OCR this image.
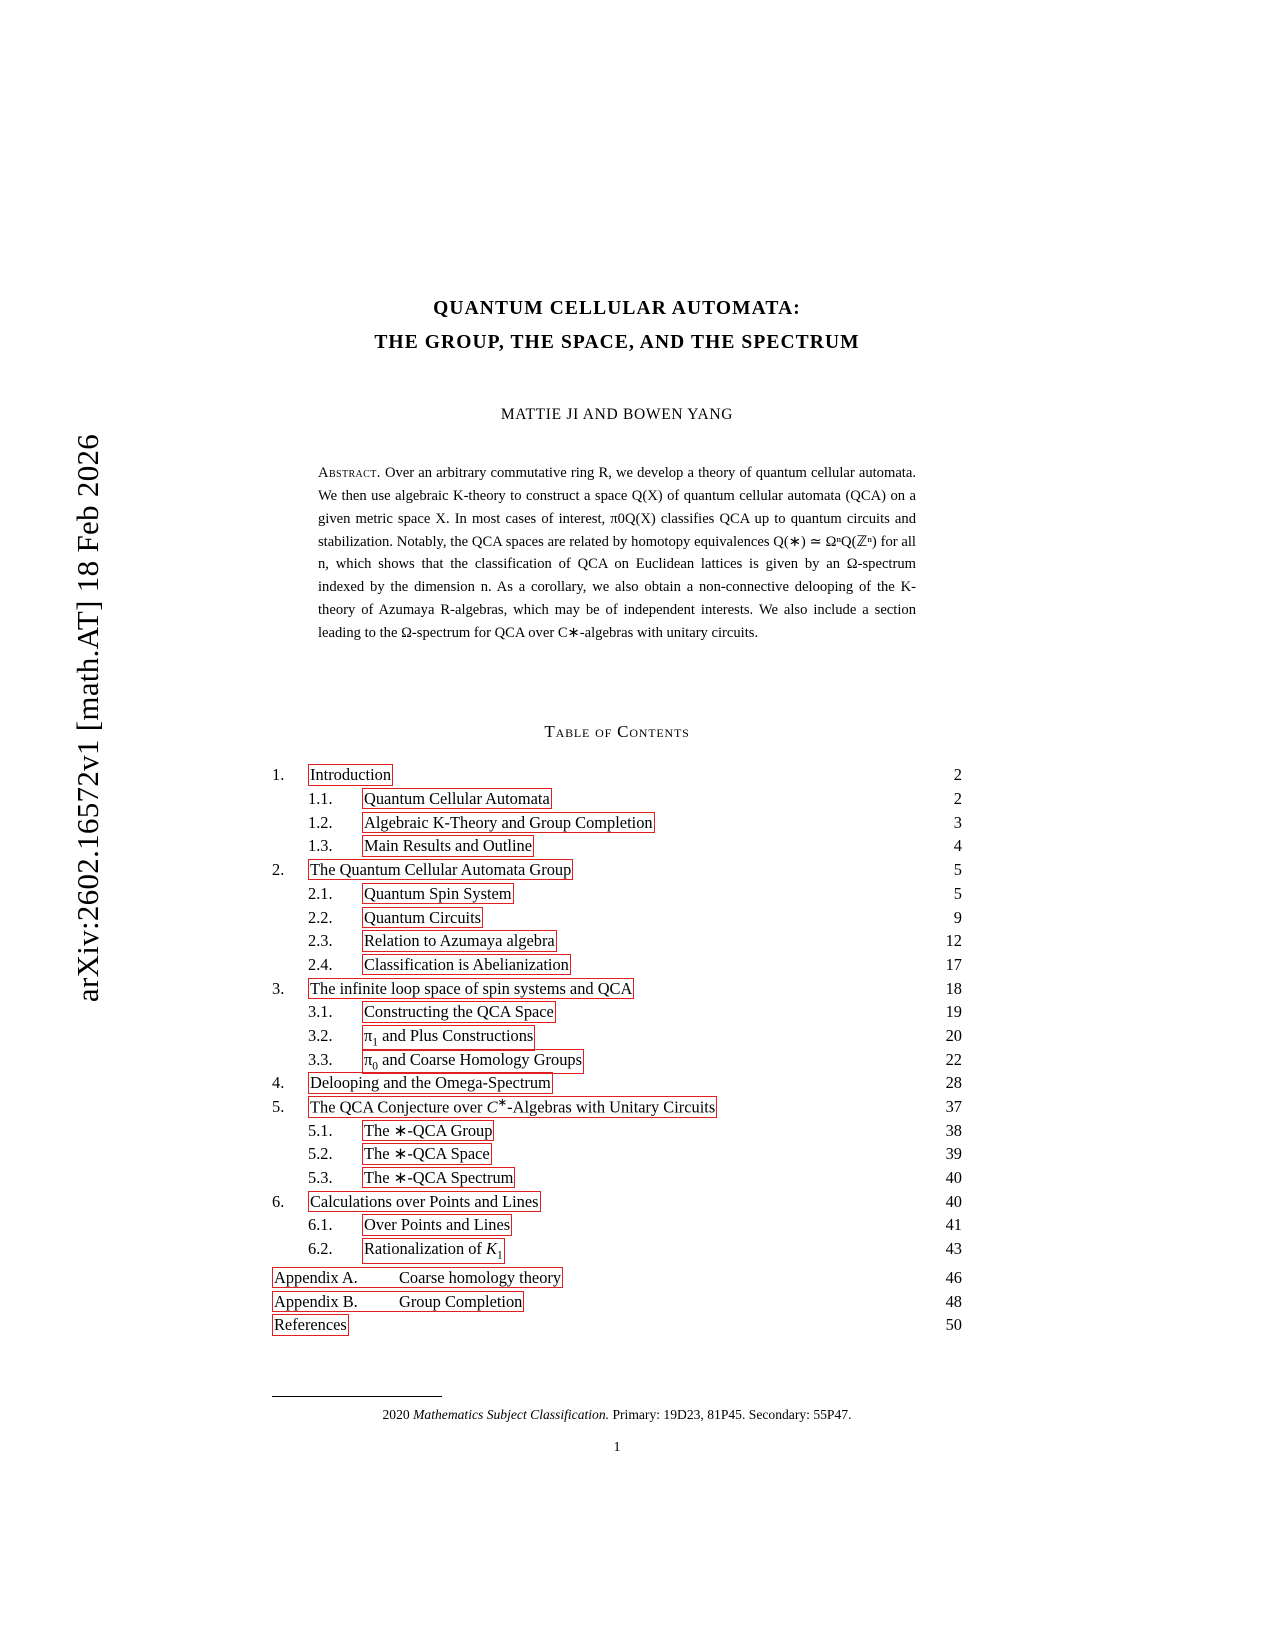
arXiv:2602.16572v1 [math.AT] 18 Feb 2026
QUANTUM CELLULAR AUTOMATA:
THE GROUP, THE SPACE, AND THE SPECTRUM
MATTIE JI AND BOWEN YANG
Abstract. Over an arbitrary commutative ring R, we develop a theory of quantum cellular automata. We then use algebraic K-theory to construct a space Q(X) of quantum cellular automata (QCA) on a given metric space X. In most cases of interest, π0Q(X) classifies QCA up to quantum circuits and stabilization. Notably, the QCA spaces are related by homotopy equivalences Q(∗) ≃ ΩⁿQ(ℤⁿ) for all n, which shows that the classification of QCA on Euclidean lattices is given by an Ω-spectrum indexed by the dimension n. As a corollary, we also obtain a non-connective delooping of the K-theory of Azumaya R-algebras, which may be of independent interests. We also include a section leading to the Ω-spectrum for QCA over C∗-algebras with unitary circuits.
Table of Contents
1.	Introduction	2
1.1.	Quantum Cellular Automata	2
1.2.	Algebraic K-Theory and Group Completion	3
1.3.	Main Results and Outline	4
2.	The Quantum Cellular Automata Group	5
2.1.	Quantum Spin System	5
2.2.	Quantum Circuits	9
2.3.	Relation to Azumaya algebra	12
2.4.	Classification is Abelianization	17
3.	The infinite loop space of spin systems and QCA	18
3.1.	Constructing the QCA Space	19
3.2.	$\pi_1$ and Plus Constructions	20
3.3.	$\pi_0$ and Coarse Homology Groups	22
4.	Delooping and the Omega-Spectrum	28
5.	The QCA Conjecture over C∗-Algebras with Unitary Circuits	37
5.1.	The ∗-QCA Group	38
5.2.	The ∗-QCA Space	39
5.3.	The ∗-QCA Spectrum	40
6.	Calculations over Points and Lines	40
6.1.	Over Points and Lines	41
6.2.	Rationalization of $K_1$	43
Appendix A.	Coarse homology theory	46
Appendix B.	Group Completion	48
References	50
2020 Mathematics Subject Classification. Primary: 19D23, 81P45. Secondary: 55P47.
1
